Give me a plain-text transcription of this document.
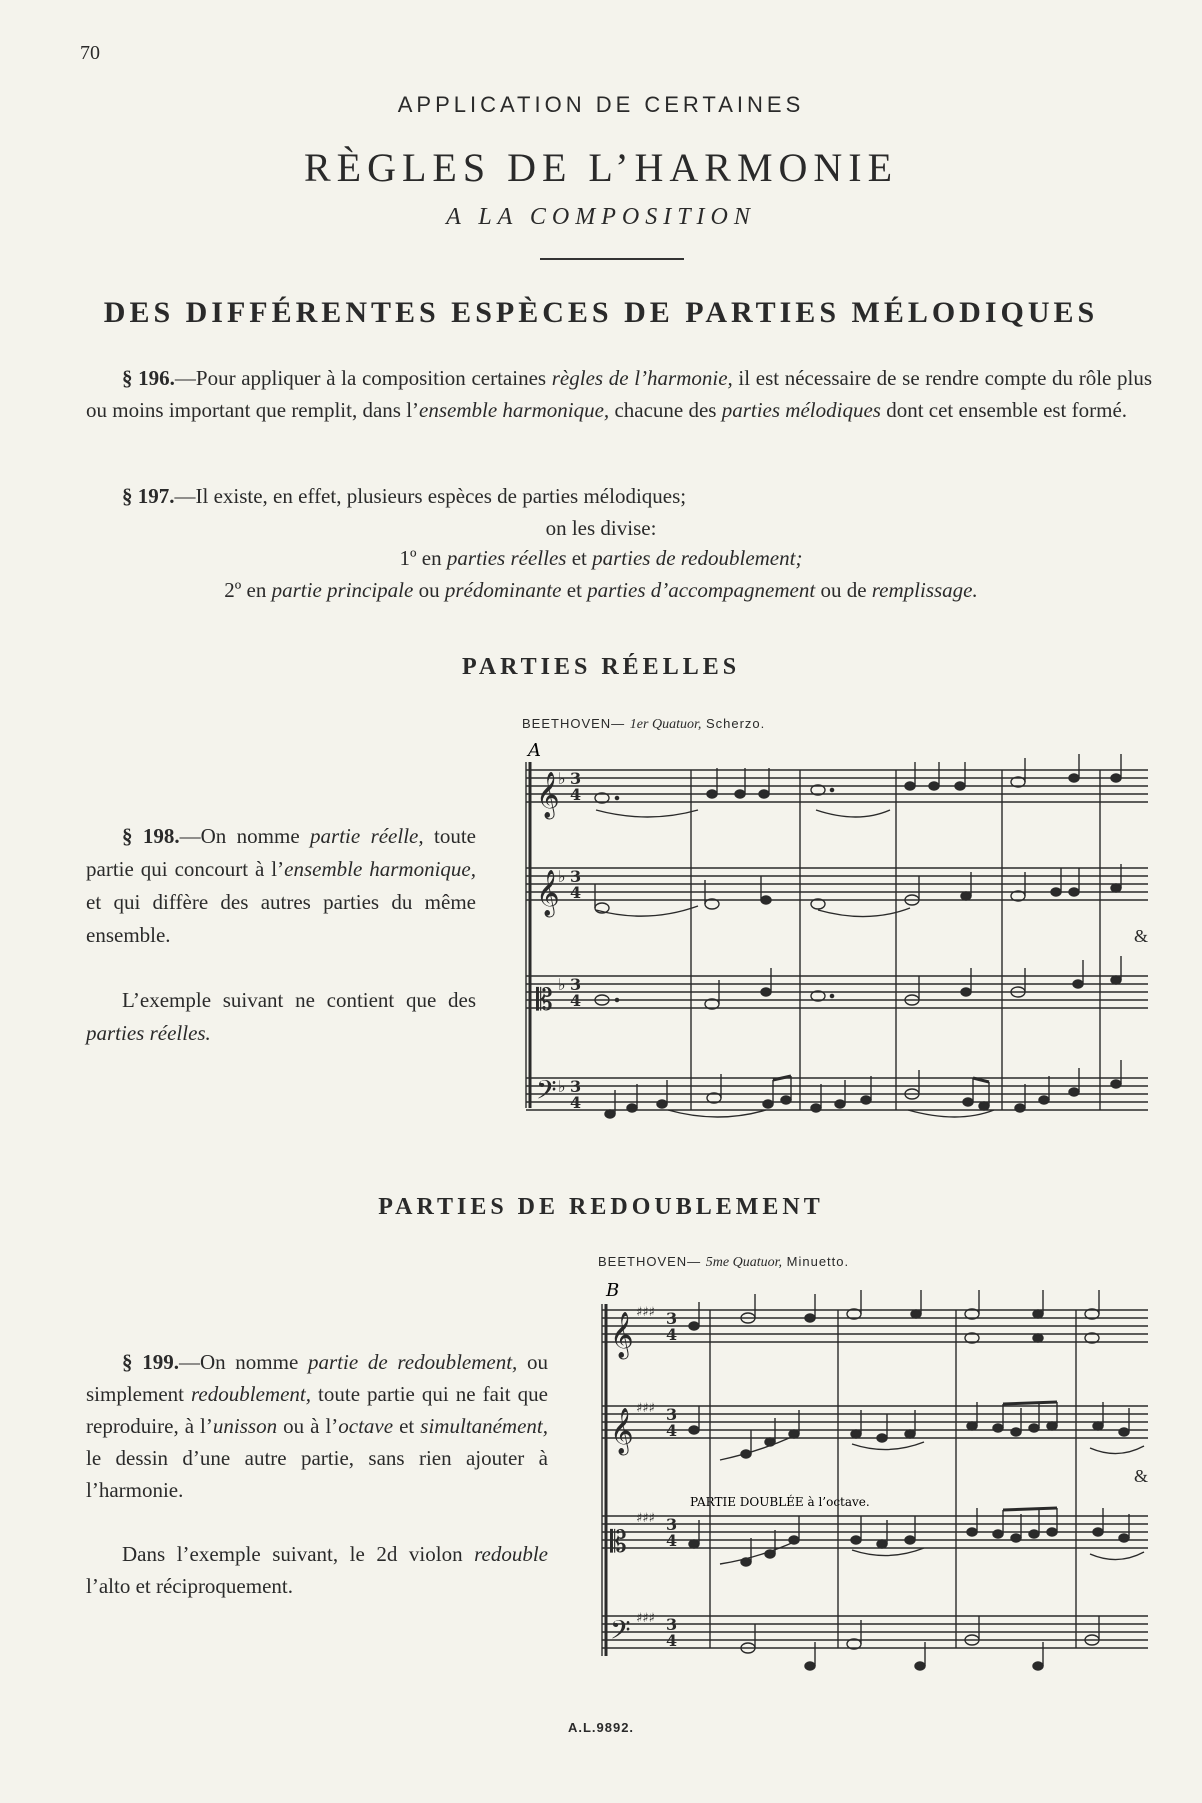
70
APPLICATION DE CERTAINES
RÈGLES DE L’HARMONIE
A LA COMPOSITION
DES DIFFÉRENTES ESPÈCES DE PARTIES MÉLODIQUES

§ 196.—Pour appliquer à la composition certaines règles de l’harmonie, il est nécessaire de se rendre compte du rôle plus ou moins important que remplit, dans l’ensemble harmonique, chacune des parties mélodiques dont cet ensemble est formé.

§ 197.—Il existe, en effet, plusieurs espèces de parties mélodiques;

on les divise:

1º en parties réelles et parties de redoublement;

2º en partie principale ou prédominante et parties d’accompagnement ou de remplissage.

PARTIES RÉELLES
BEETHOVEN— 1er Quatuor, Scherzo.

§ 198.—On nomme partie réelle, toute partie qui concourt à l’ensemble harmonique, et qui diffère des autres parties du même ensemble.

L’exemple suivant ne contient que des parties réelles.

A
𝄞
𝄞
𝄡
𝄢
♭ 3
4
♭ 3
4
♭ 3
4
♭ 3
4
&
PARTIES DE REDOUBLEMENT
BEETHOVEN— 5me Quatuor, Minuetto.

§ 199.—On nomme partie de redoublement, ou simplement redoublement, toute partie qui ne fait que reproduire, à l’unisson ou à l’octave et simultanément, le dessin d’une autre partie, sans rien ajouter à l’harmonie.

Dans l’exemple suivant, le 2d violon redouble l’alto et réciproquement.

B
PARTIE DOUBLÉE à l’octave.
𝄞
𝄞
𝄡
𝄢
♯♯♯ 3
4
♯♯♯ 3
4
♯♯♯ 3
4
♯♯♯ 3
4
&
A.L.9892.
